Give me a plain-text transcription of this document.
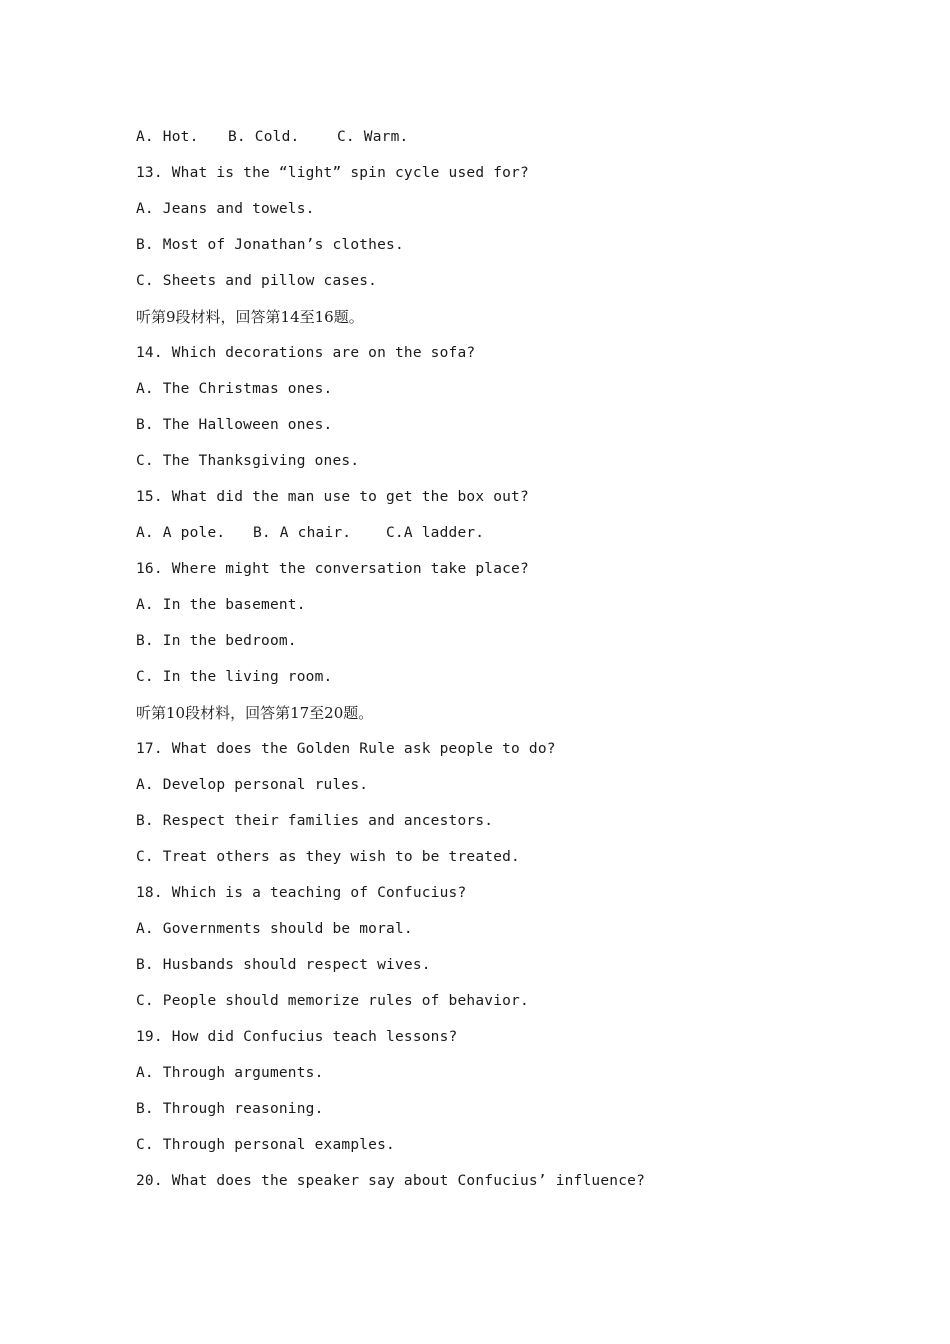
A. Hot. B. Cold.	C. Warm.
13. What is the “light” spin cycle used for?
A. Jeans and towels.
B. Most of Jonathan’s clothes.
C. Sheets and pillow cases.
听第9段材料，回答第14至16题。
14. Which decorations are on the sofa?
A. The Christmas ones.
B. The Halloween ones.
C. The Thanksgiving ones.
15. What did the man use to get the box out?
A. A pole. B. A chair. C.A ladder.
16. Where might the conversation take place?
A. In the basement.
B. In the bedroom.
C. In the living room.
听第10段材料，回答第17至20题。
17. What does the Golden Rule ask people to do?
A. Develop personal rules.
B. Respect their families and ancestors.
C. Treat others as they wish to be treated.
18. Which is a teaching of Confucius?
A. Governments should be moral.
B. Husbands should respect wives.
C. People should memorize rules of behavior.
19. How did Confucius teach lessons?
A. Through arguments.
B. Through reasoning.
C. Through personal examples.
20. What does the speaker say about Confucius’ influence?
